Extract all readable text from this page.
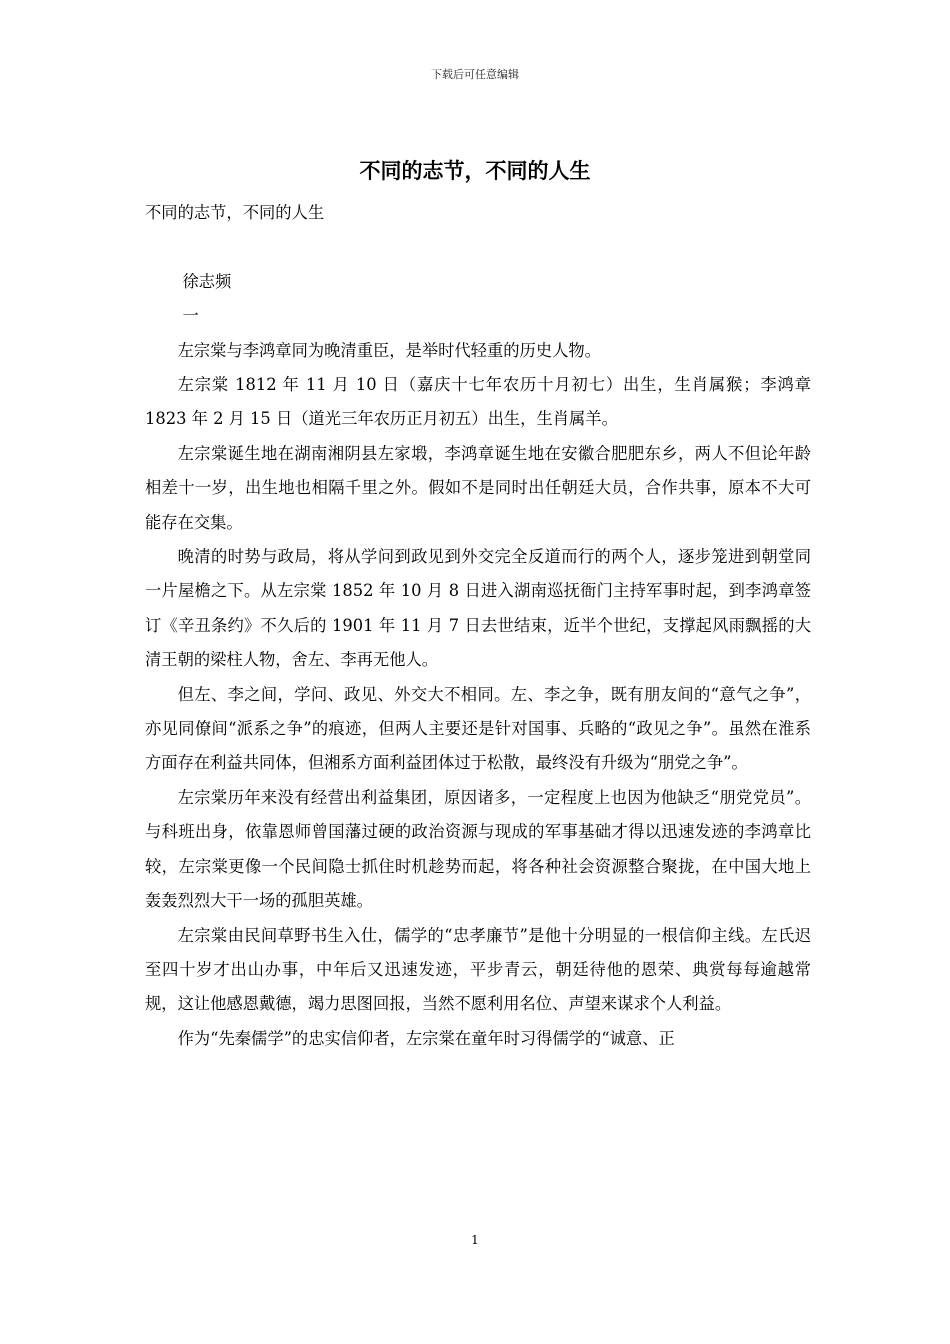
下载后可任意编辑
不同的志节，不同的人生

不同的志节，不同的人生

徐志频

一

左宗棠与李鸿章同为晚清重臣，是举时代轻重的历史人物。

左宗棠 1812 年 11 月 10 日（嘉庆十七年农历十月初七）出生，生肖属猴；李鸿章 1823 年 2 月 15 日（道光三年农历正月初五）出生，生肖属羊。

左宗棠诞生地在湖南湘阴县左家塅，李鸿章诞生地在安徽合肥肥东乡，两人不但论年龄相差十一岁，出生地也相隔千里之外。假如不是同时出任朝廷大员，合作共事，原本不大可能存在交集。

晚清的时势与政局，将从学问到政见到外交完全反道而行的两个人，逐步笼进到朝堂同一片屋檐之下。从左宗棠 1852 年 10 月 8 日进入湖南巡抚衙门主持军事时起，到李鸿章签订《辛丑条约》不久后的 1901 年 11 月 7 日去世结束，近半个世纪，支撑起风雨飘摇的大清王朝的梁柱人物，舍左、李再无他人。

但左、李之间，学问、政见、外交大不相同。左、李之争，既有朋友间的“意气之争”，亦见同僚间“派系之争”的痕迹，但两人主要还是针对国事、兵略的“政见之争”。虽然在淮系方面存在利益共同体，但湘系方面利益团体过于松散，最终没有升级为“朋党之争”。

左宗棠历年来没有经营出利益集团，原因诸多，一定程度上也因为他缺乏“朋党党员”。与科班出身，依靠恩师曾国藩过硬的政治资源与现成的军事基础才得以迅速发迹的李鸿章比较，左宗棠更像一个民间隐士抓住时机趁势而起，将各种社会资源整合聚拢，在中国大地上轰轰烈烈大干一场的孤胆英雄。

左宗棠由民间草野书生入仕，儒学的“忠孝廉节”是他十分明显的一根信仰主线。左氏迟至四十岁才出山办事，中年后又迅速发迹，平步青云，朝廷待他的恩荣、典赏每每逾越常规，这让他感恩戴德，竭力思图回报，当然不愿利用名位、声望来谋求个人利益。

作为“先秦儒学”的忠实信仰者，左宗棠在童年时习得儒学的“诚意、正

1
